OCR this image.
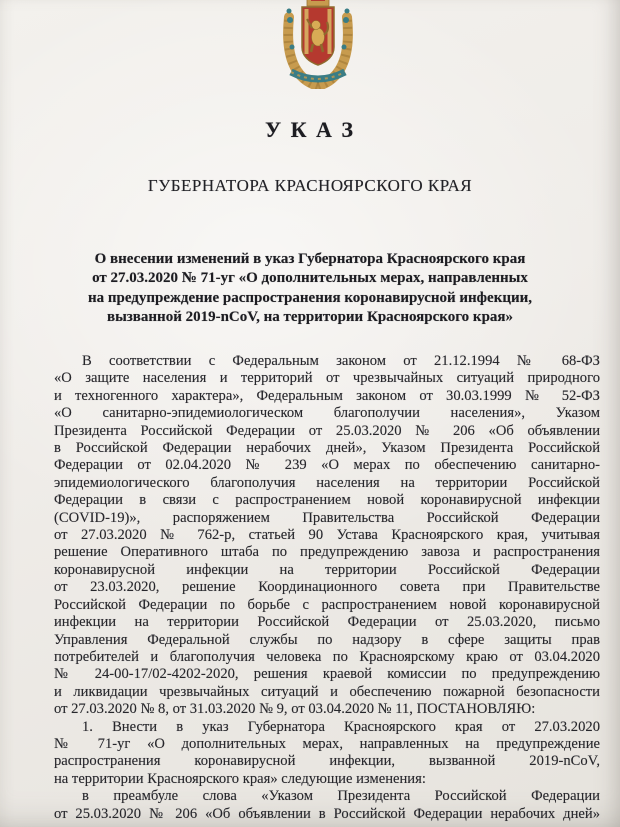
У К А З
ГУБЕРНАТОРА КРАСНОЯРСКОГО КРАЯ
О внесении изменений в указ Губернатора Красноярского края
от 27.03.2020 № 71-уг «О дополнительных мерах, направленных
на предупреждение распространения коронавирусной инфекции,
вызванной 2019-nCoV, на территории Красноярского края»
В соответствии с Федеральным законом от 21.12.1994 № 68-ФЗ
«О защите населения и территорий от чрезвычайных ситуаций природного
и техногенного характера», Федеральным законом от 30.03.1999 № 52-ФЗ
«О санитарно-эпидемиологическом благополучии населения», Указом
Президента Российской Федерации от 25.03.2020 № 206 «Об объявлении
в Российской Федерации нерабочих дней», Указом Президента Российской
Федерации от 02.04.2020 № 239 «О мерах по обеспечению санитарно-
эпидемиологического благополучия населения на территории Российской
Федерации в связи с распространением новой коронавирусной инфекции
(COVID-19)», распоряжением Правительства Российской Федерации
от 27.03.2020 № 762-р, статьей 90 Устава Красноярского края, учитывая
решение Оперативного штаба по предупреждению завоза и распространения
коронавирусной инфекции на территории Российской Федерации
от 23.03.2020, решение Координационного совета при Правительстве
Российской Федерации по борьбе с распространением новой коронавирусной
инфекции на территории Российской Федерации от 25.03.2020, письмо
Управления Федеральной службы по надзору в сфере защиты прав
потребителей и благополучия человека по Красноярскому краю от 03.04.2020
№ 24-00-17/02-4202-2020, решения краевой комиссии по предупреждению
и ликвидации чрезвычайных ситуаций и обеспечению пожарной безопасности
от 27.03.2020 № 8, от 31.03.2020 № 9, от 03.04.2020 № 11, ПОСТАНОВЛЯЮ:
1. Внести в указ Губернатора Красноярского края от 27.03.2020
№ 71-уг «О дополнительных мерах, направленных на предупреждение
распространения коронавирусной инфекции, вызванной 2019-nCoV,
на территории Красноярского края» следующие изменения:
в преамбуле слова «Указом Президента Российской Федерации
от 25.03.2020 № 206 «Об объявлении в Российской Федерации нерабочих дней»
